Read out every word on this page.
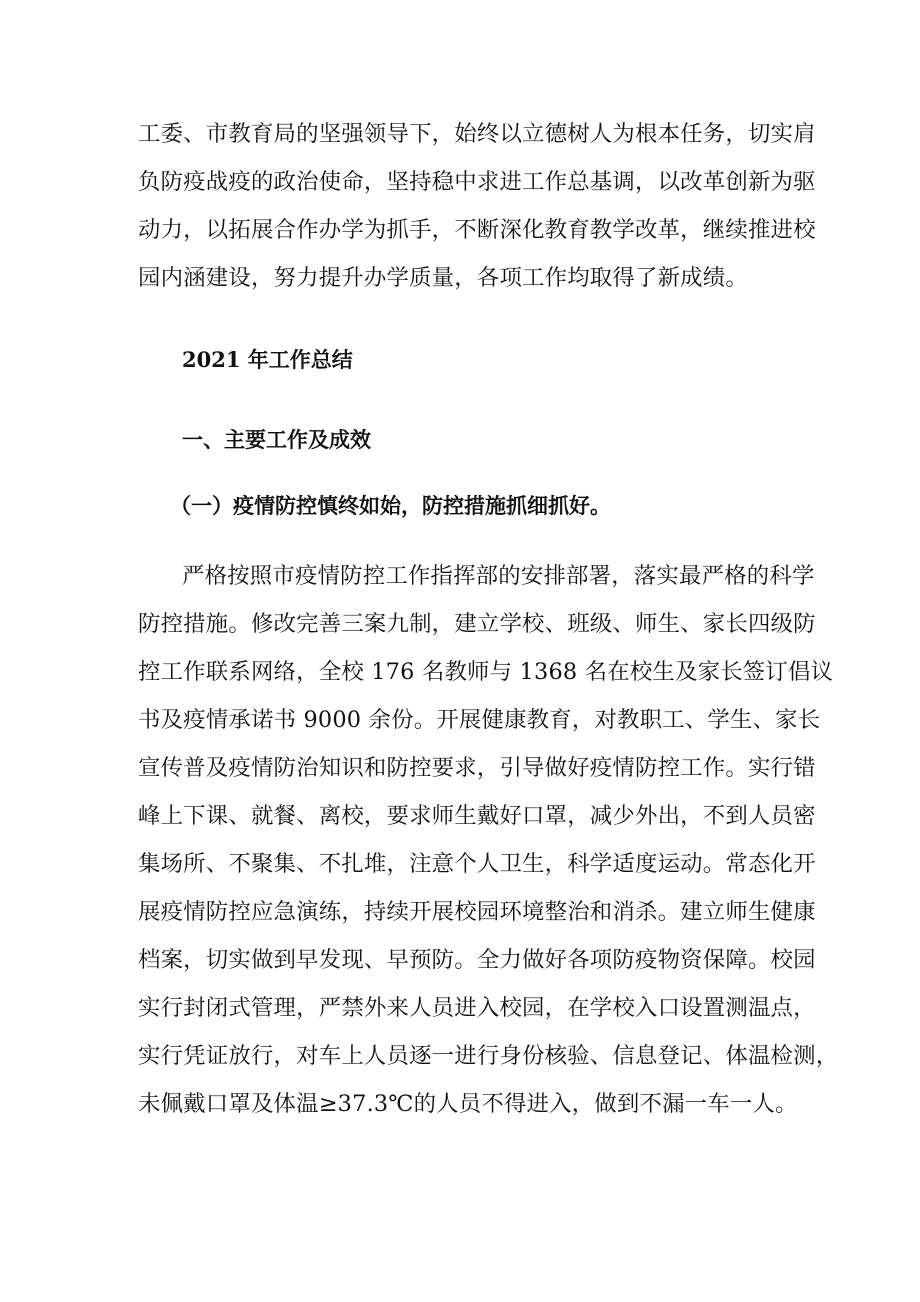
工委、市教育局的坚强领导下，始终以立德树人为根本任务，切实肩
负防疫战疫的政治使命，坚持稳中求进工作总基调，以改革创新为驱
动力，以拓展合作办学为抓手，不断深化教育教学改革，继续推进校
园内涵建设，努力提升办学质量，各项工作均取得了新成绩。
2021 年工作总结
一、主要工作及成效
（一）疫情防控慎终如始，防控措施抓细抓好。
严格按照市疫情防控工作指挥部的安排部署，落实最严格的科学
防控措施。修改完善三案九制，建立学校、班级、师生、家长四级防
控工作联系网络，全校 176 名教师与 1368 名在校生及家长签订倡议
书及疫情承诺书 9000 余份。开展健康教育，对教职工、学生、家长
宣传普及疫情防治知识和防控要求，引导做好疫情防控工作。实行错
峰上下课、就餐、离校，要求师生戴好口罩，减少外出，不到人员密
集场所、不聚集、不扎堆，注意个人卫生，科学适度运动。常态化开
展疫情防控应急演练，持续开展校园环境整治和消杀。建立师生健康
档案，切实做到早发现、早预防。全力做好各项防疫物资保障。校园
实行封闭式管理，严禁外来人员进入校园，在学校入口设置测温点，
实行凭证放行，对车上人员逐一进行身份核验、信息登记、体温检测，
未佩戴口罩及体温≥37.3℃的人员不得进入，做到不漏一车一人。
